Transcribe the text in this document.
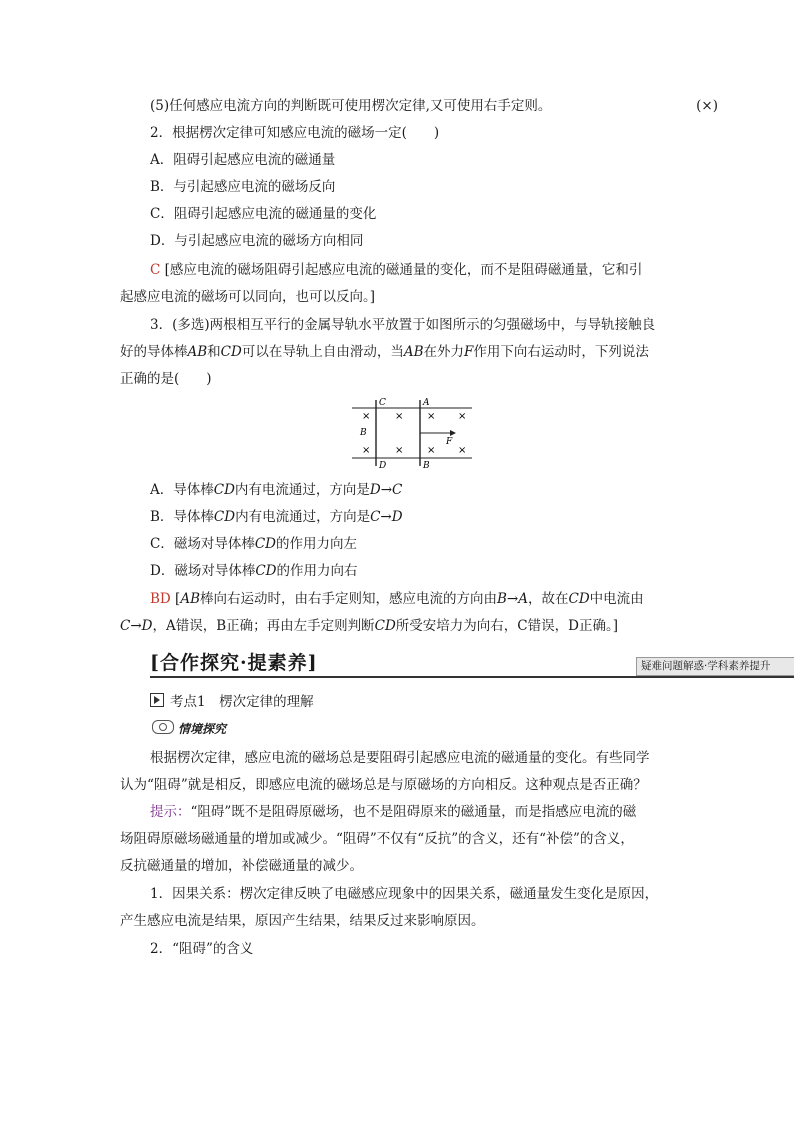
(5)任何感应电流方向的判断既可使用楞次定律,又可使用右手定则。	(×)
2．根据楞次定律可知感应电流的磁场一定(　　)
A．阻碍引起感应电流的磁通量
B．与引起感应电流的磁场反向
C．阻碍引起感应电流的磁通量的变化
D．与引起感应电流的磁场方向相同
C [感应电流的磁场阻碍引起感应电流的磁通量的变化，而不是阻碍磁通量，它和引
起感应电流的磁场可以同向，也可以反向。]
3．(多选)两根相互平行的金属导轨水平放置于如图所示的匀强磁场中，与导轨接触良
好的导体棒AB和CD可以在导轨上自由滑动，当AB在外力F作用下向右运动时，下列说法
正确的是(　　)
C	A
B
D	B
F
× × × ×
× × × ×
A．导体棒CD内有电流通过，方向是D→C
B．导体棒CD内有电流通过，方向是C→D
C．磁场对导体棒CD的作用力向左
D．磁场对导体棒CD的作用力向右
BD [AB棒向右运动时，由右手定则知，感应电流的方向由B→A，故在CD中电流由
C→D，A错误，B正确；再由左手定则判断CD所受安培力为向右，C错误，D正确。]
[合作探究·提素养]	疑难问题解惑·学科素养提升
考点1　楞次定律的理解
情境探究
根据楞次定律，感应电流的磁场总是要阻碍引起感应电流的磁通量的变化。有些同学
认为“阻碍”就是相反，即感应电流的磁场总是与原磁场的方向相反。这种观点是否正确？
提示：“阻碍”既不是阻碍原磁场，也不是阻碍原来的磁通量，而是指感应电流的磁
场阻碍原磁场磁通量的增加或减少。“阻碍”不仅有“反抗”的含义，还有“补偿”的含义，
反抗磁通量的增加，补偿磁通量的减少。
1．因果关系：楞次定律反映了电磁感应现象中的因果关系，磁通量发生变化是原因，
产生感应电流是结果，原因产生结果，结果反过来影响原因。
2．“阻碍”的含义
